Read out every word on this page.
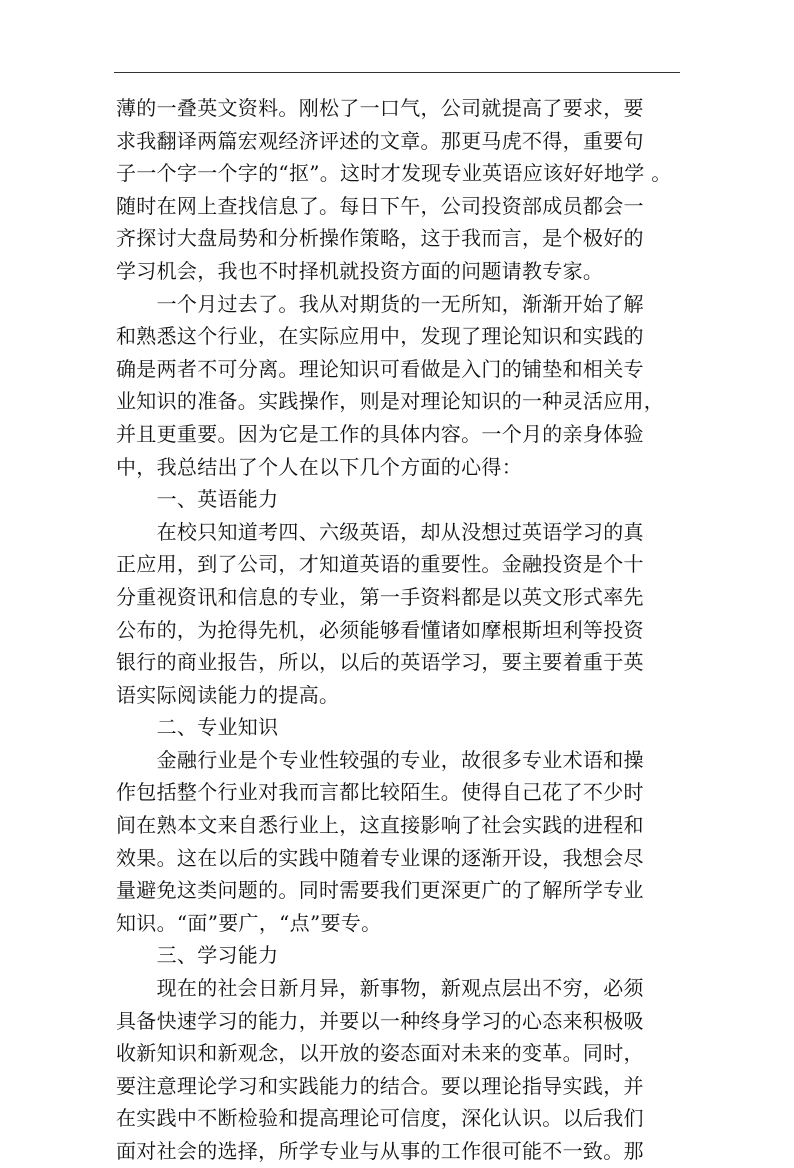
薄的一叠英文资料。刚松了一口气，公司就提高了要求，要
求我翻译两篇宏观经济评述的文章。那更马虎不得，重要句
子一个字一个字的“抠”。这时才发现专业英语应该好好地学 。
随时在网上查找信息了。每日下午，公司投资部成员都会一
齐探讨大盘局势和分析操作策略，这于我而言，是个极好的
学习机会，我也不时择机就投资方面的问题请教专家。
　　一个月过去了。我从对期货的一无所知，渐渐开始了解
和熟悉这个行业，在实际应用中，发现了理论知识和实践的
确是两者不可分离。理论知识可看做是入门的铺垫和相关专
业知识的准备。实践操作，则是对理论知识的一种灵活应用，
并且更重要。因为它是工作的具体内容。一个月的亲身体验
中，我总结出了个人在以下几个方面的心得：
　　一、英语能力
　　在校只知道考四、六级英语，却从没想过英语学习的真
正应用，到了公司，才知道英语的重要性。金融投资是个十
分重视资讯和信息的专业，第一手资料都是以英文形式率先
公布的，为抢得先机，必须能够看懂诸如摩根斯坦利等投资
银行的商业报告，所以，以后的英语学习，要主要着重于英
语实际阅读能力的提高。
　　二、专业知识
　　金融行业是个专业性较强的专业，故很多专业术语和操
作包括整个行业对我而言都比较陌生。使得自己花了不少时
间在熟本文来自悉行业上，这直接影响了社会实践的进程和
效果。这在以后的实践中随着专业课的逐渐开设，我想会尽
量避免这类问题的。同时需要我们更深更广的了解所学专业
知识。“面”要广，“点”要专。
　　三、学习能力
　　现在的社会日新月异，新事物，新观点层出不穷，必须
具备快速学习的能力，并要以一种终身学习的心态来积极吸
收新知识和新观念，以开放的姿态面对未来的变革。同时，
要注意理论学习和实践能力的结合。要以理论指导实践，并
在实践中不断检验和提高理论可信度，深化认识。以后我们
面对社会的选择，所学专业与从事的工作很可能不一致。那
